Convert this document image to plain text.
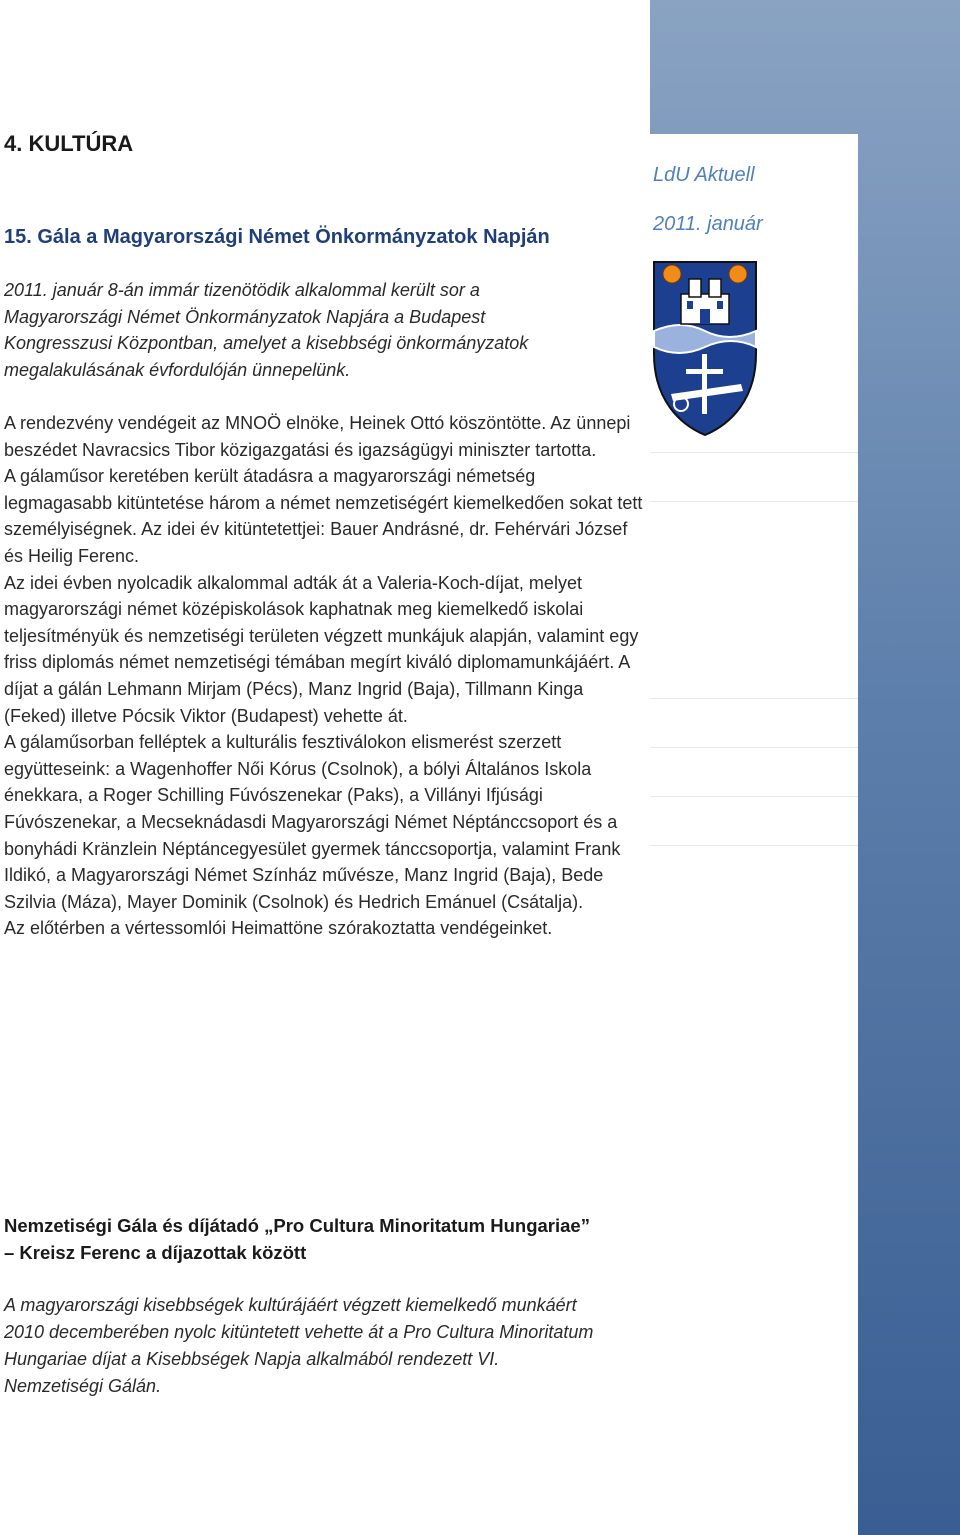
LdU Aktuell
2011. január
4. KULTÚRA
15. Gála a Magyarországi Német Önkormányzatok Napján
2011. január 8-án immár tizenötödik alkalommal került sor a Magyarországi Német Önkormányzatok Napjára a Budapest Kongresszusi Központban, amelyet a kisebbségi önkormányzatok megalakulásának évfordulóján ünnepelünk.

A rendezvény vendégeit az MNOÖ elnöke, Heinek Ottó köszöntötte. Az ünnepi beszédet Navracsics Tibor közigazgatási és igazságügyi miniszter tartotta.

A gálaműsor keretében került átadásra a magyarországi németség legmagasabb kitüntetése három a német nemzetiségért kiemelkedően sokat tett személyiségnek. Az idei év kitüntetettjei: Bauer Andrásné, dr. Fehérvári József és Heilig Ferenc.

Az idei évben nyolcadik alkalommal adták át a Valeria-Koch-díjat, melyet magyarországi német középiskolások kaphatnak meg kiemelkedő iskolai teljesítményük és nemzetiségi területen végzett munkájuk alapján, valamint egy friss diplomás német nemzetiségi témában megírt kiváló diplomamunkájáért. A díjat a gálán Lehmann Mirjam (Pécs), Manz Ingrid (Baja), Tillmann Kinga (Feked) illetve Pócsik Viktor (Budapest) vehette át.

A gálaműsorban felléptek a kulturális fesztiválokon elismerést szerzett együtteseink: a Wagenhoffer Női Kórus (Csolnok), a bólyi Általános Iskola énekkara, a Roger Schilling Fúvószenekar (Paks), a Villányi Ifjúsági Fúvószenekar, a Mecseknádasdi Magyarországi Német Néptánccsoport és a bonyhádi Kränzlein Néptáncegyesület gyermek tánccsoportja, valamint Frank Ildikó, a Magyarországi Német Színház művésze, Manz Ingrid (Baja), Bede Szilvia (Máza), Mayer Dominik (Csolnok) és Hedrich Emánuel (Csátalja).

Az előtérben a vértessomlói Heimattöne szórakoztatta vendégeinket.

Nemzetiségi Gála és díjátadó „Pro Cultura Minoritatum Hungariae” – Kreisz Ferenc a díjazottak között
A magyarországi kisebbségek kultúrájáért végzett kiemelkedő munkáért 2010 decemberében nyolc kitüntetett vehette át a Pro Cultura Minoritatum Hungariae díjat a Kisebbségek Napja alkalmából rendezett VI. Nemzetiségi Gálán.
